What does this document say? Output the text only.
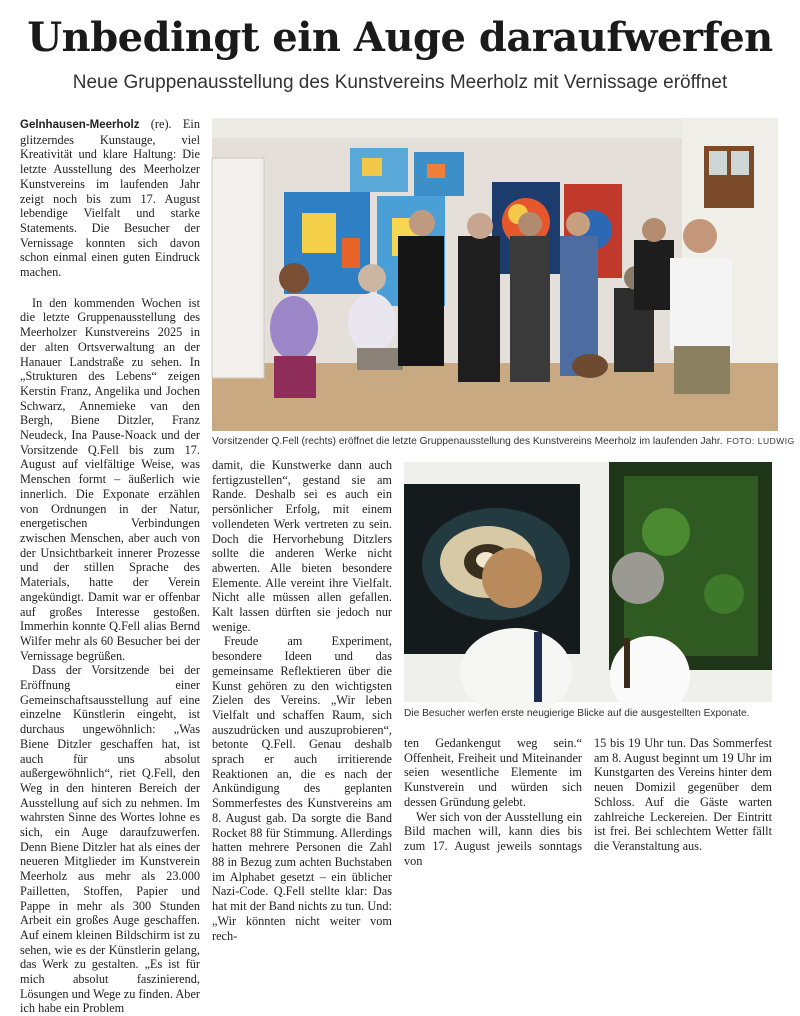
Unbedingt ein Auge daraufwerfen
Neue Gruppenausstellung des Kunstvereins Meerholz mit Vernissage eröffnet

Gelnhausen-Meerholz (re). Ein glitzerndes Kunstauge, viel Kreativität und klare Haltung: Die letzte Ausstellung des Meerholzer Kunstvereins im laufenden Jahr zeigt noch bis zum 17. August lebendige Vielfalt und starke Statements. Die Besucher der Vernissage konnten sich davon schon einmal einen guten Eindruck machen.

In den kommenden Wochen ist die letzte Gruppenausstellung des Meerholzer Kunstvereins 2025 in der alten Ortsverwaltung an der Hanauer Landstraße zu sehen. In „Strukturen des Lebens“ zeigen Kerstin Franz, Angelika und Jochen Schwarz, Annemieke van den Bergh, Biene Ditzler, Franz Neudeck, Ina Pause-Noack und der Vorsitzende Q.Fell bis zum 17. August auf vielfältige Weise, was Menschen formt – äußerlich wie innerlich. Die Exponate erzählen von Ordnungen in der Natur, energetischen Verbindungen zwischen Menschen, aber auch von der Unsichtbarkeit innerer Prozesse und der stillen Sprache des Materials, hatte der Verein angekündigt. Damit war er offenbar auf großes Interesse gestoßen. Immerhin konnte Q.Fell alias Bernd Wilfer mehr als 60 Besucher bei der Vernissage begrüßen.

Dass der Vorsitzende bei der Eröffnung einer Gemeinschaftsausstellung auf eine einzelne Künstlerin eingeht, ist durchaus ungewöhnlich: „Was Biene Ditzler geschaffen hat, ist auch für uns absolut außergewöhnlich“, riet Q.Fell, den Weg in den hinteren Bereich der Ausstellung auf sich zu nehmen. Im wahrsten Sinne des Wortes lohne es sich, ein Auge daraufzuwerfen. Denn Biene Ditzler hat als eines der neueren Mitglieder im Kunstverein Meerholz aus mehr als 23.000 Pailletten, Stoffen, Papier und Pappe in mehr als 300 Stunden Arbeit ein großes Auge geschaffen. Auf einem kleinen Bildschirm ist zu sehen, wie es der Künstlerin gelang, das Werk zu gestalten. „Es ist für mich absolut faszinierend, Lösungen und Wege zu finden. Aber ich habe ein Problem

Vorsitzender Q.Fell (rechts) eröffnet die letzte Gruppenausstellung des Kunstvereins Meerholz im laufenden Jahr. FOTO: LUDWIG

damit, die Kunstwerke dann auch fertigzustellen“, gestand sie am Rande. Deshalb sei es auch ein persönlicher Erfolg, mit einem vollendeten Werk vertreten zu sein. Doch die Hervorhebung Ditzlers sollte die anderen Werke nicht abwerten. Alle bieten besondere Elemente. Alle vereint ihre Vielfalt. Nicht alle müssen allen gefallen. Kalt lassen dürften sie jedoch nur wenige.

Freude am Experiment, besondere Ideen und das gemeinsame Reflektieren über die Kunst gehören zu den wichtigsten Zielen des Vereins. „Wir leben Vielfalt und schaffen Raum, sich auszudrücken und auszuprobieren“, betonte Q.Fell. Genau deshalb sprach er auch irritierende Reaktionen an, die es nach der Ankündigung des geplanten Sommerfestes des Kunstvereins am 8. August gab. Da sorgte die Band Rocket 88 für Stimmung. Allerdings hatten mehrere Personen die Zahl 88 in Bezug zum achten Buchstaben im Alphabet gesetzt – ein üblicher Nazi-Code. Q.Fell stellte klar: Das hat mit der Band nichts zu tun. Und: „Wir könnten nicht weiter vom rech-

Die Besucher werfen erste neugierige Blicke auf die ausgestellten Exponate.

ten Gedankengut weg sein.“ Offenheit, Freiheit und Miteinander seien wesentliche Elemente im Kunstverein und würden sich dessen Gründung gelebt.

Wer sich von der Ausstellung ein Bild machen will, kann dies bis zum 17. August jeweils sonntags von

15 bis 19 Uhr tun. Das Sommerfest am 8. August beginnt um 19 Uhr im Kunstgarten des Vereins hinter dem neuen Domizil gegenüber dem Schloss. Auf die Gäste warten zahlreiche Leckereien. Der Eintritt ist frei. Bei schlechtem Wetter fällt die Veranstaltung aus.
